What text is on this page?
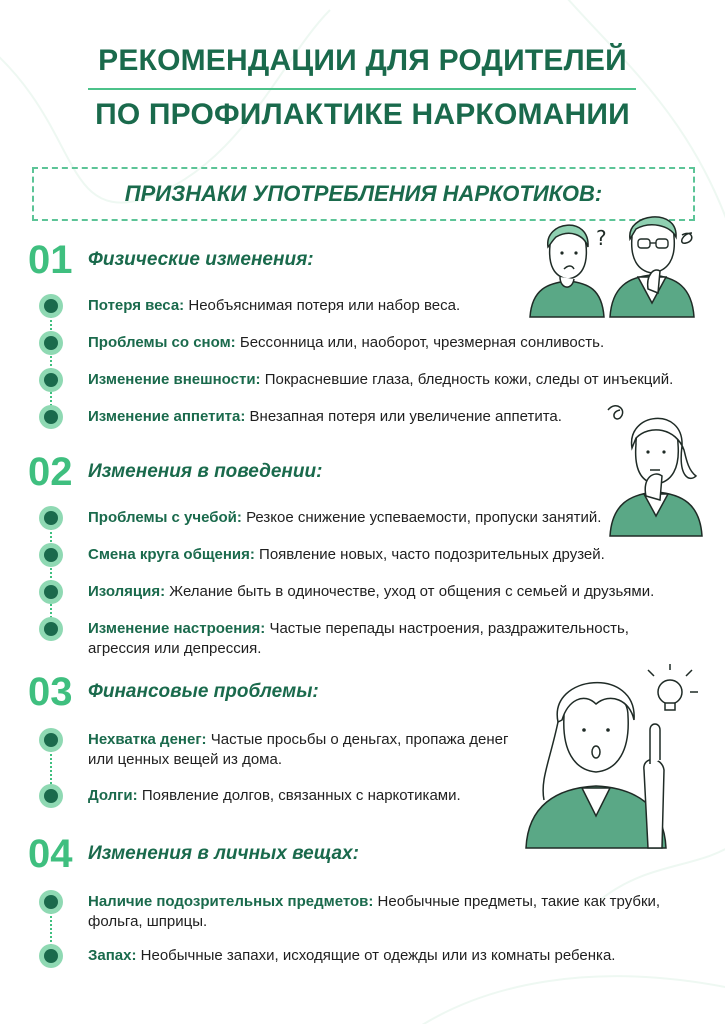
РЕКОМЕНДАЦИИ ДЛЯ РОДИТЕЛЕЙ
ПО ПРОФИЛАКТИКЕ НАРКОМАНИИ
ПРИЗНАКИ УПОТРЕБЛЕНИЯ НАРКОТИКОВ:
01 Физические изменения:
Потеря веса: Необъяснимая потеря или набор веса.
Проблемы со сном: Бессонница или, наоборот, чрезмерная сонливость.
Изменение внешности: Покрасневшие глаза, бледность кожи, следы от инъекций.
Изменение аппетита: Внезапная потеря или увеличение аппетита.
02 Изменения в поведении:
Проблемы с учебой: Резкое снижение успеваемости, пропуски занятий.
Смена круга общения: Появление новых, часто подозрительных друзей.
Изоляция: Желание быть в одиночестве, уход от общения с семьей и друзьями.
Изменение настроения: Частые перепады настроения, раздражительность, агрессия или депрессия.
03 Финансовые проблемы:
Нехватка денег: Частые просьбы о деньгах, пропажа денег или ценных вещей из дома.
Долги: Появление долгов, связанных с наркотиками.
04 Изменения в личных вещах:
Наличие подозрительных предметов: Необычные предметы, такие как трубки, фольга, шприцы.
Запах: Необычные запахи, исходящие от одежды или из комнаты ребенка.
?
